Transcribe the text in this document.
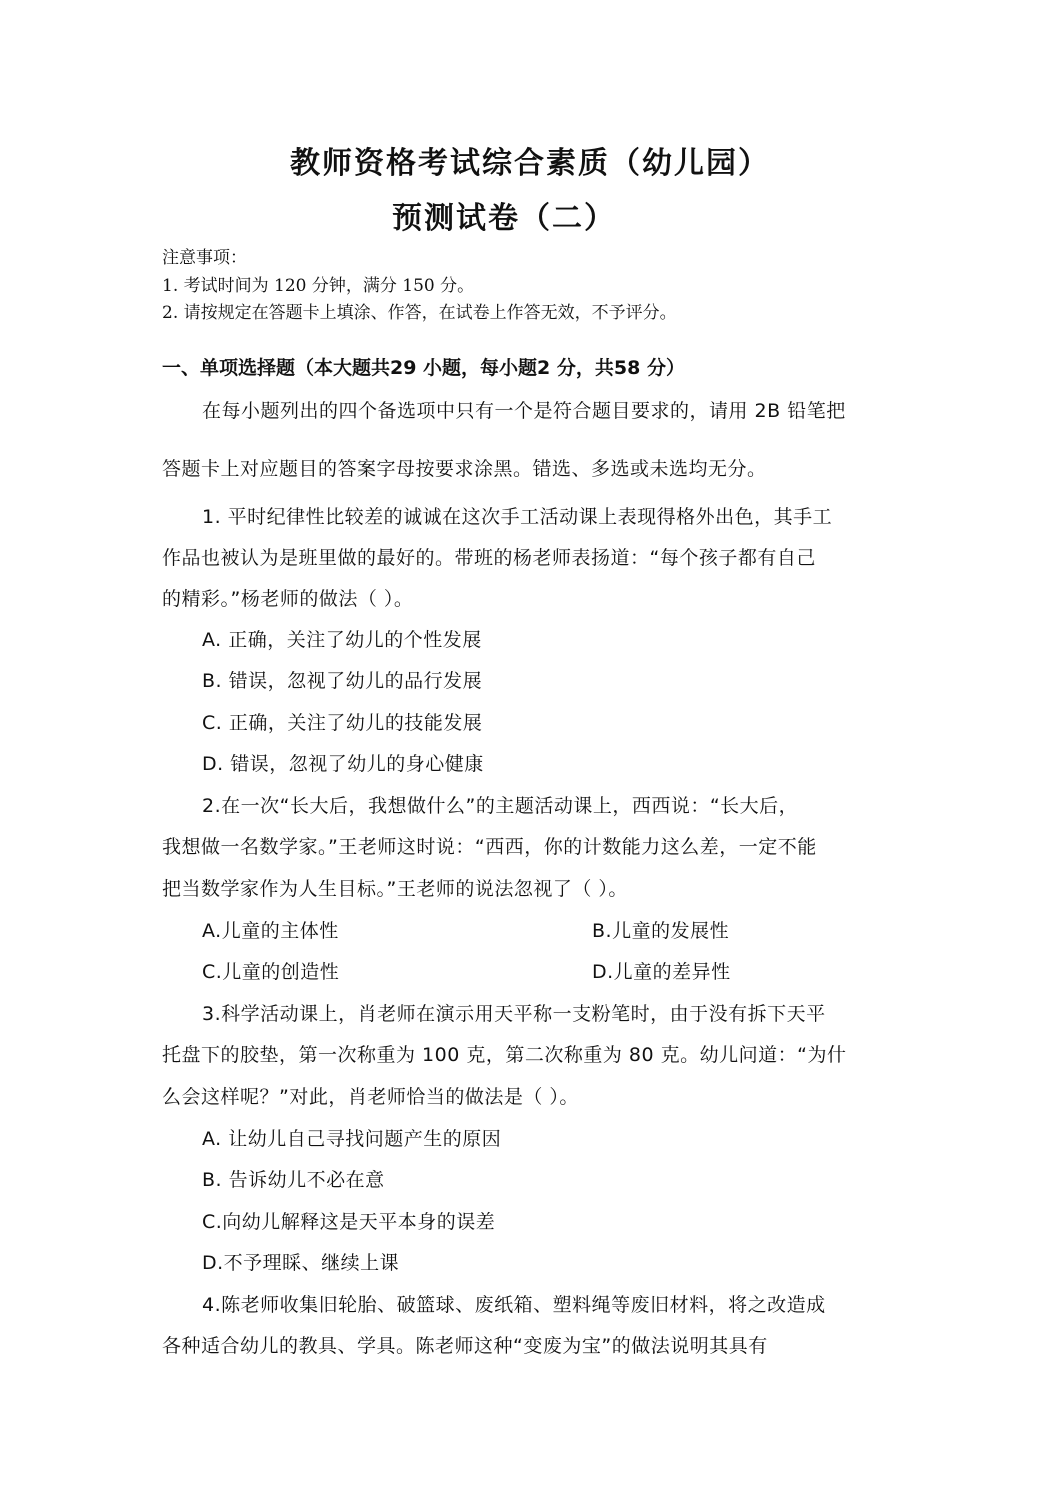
教师资格考试综合素质（幼儿园）
预测试卷（二）
注意事项：
1. 考试时间为 120 分钟，满分 150 分。
2. 请按规定在答题卡上填涂、作答，在试卷上作答无效，不予评分。
一、单项选择题（本大题共29 小题，每小题2 分，共58 分）
在每小题列出的四个备选项中只有一个是符合题目要求的，请用 2B 铅笔把
答题卡上对应题目的答案字母按要求涂黑。错选、多选或未选均无分。
1. 平时纪律性比较差的诚诚在这次手工活动课上表现得格外出色，其手工
作品也被认为是班里做的最好的。带班的杨老师表扬道：“每个孩子都有自己
的精彩。”杨老师的做法（ ）。
A. 正确，关注了幼儿的个性发展
B. 错误，忽视了幼儿的品行发展
C. 正确，关注了幼儿的技能发展
D. 错误，忽视了幼儿的身心健康
2.在一次“长大后，我想做什么”的主题活动课上，西西说：“长大后，
我想做一名数学家。”王老师这时说：“西西，你的计数能力这么差，一定不能
把当数学家作为人生目标。”王老师的说法忽视了（ ）。
A.儿童的主体性	B.儿童的发展性
C.儿童的创造性	D.儿童的差异性
3.科学活动课上，肖老师在演示用天平称一支粉笔时，由于没有拆下天平
托盘下的胶垫，第一次称重为 100 克，第二次称重为 80 克。幼儿问道：“为什
么会这样呢？”对此，肖老师恰当的做法是（ ）。
A. 让幼儿自己寻找问题产生的原因
B. 告诉幼儿不必在意
C.向幼儿解释这是天平本身的误差
D.不予理睬、继续上课
4.陈老师收集旧轮胎、破篮球、废纸箱、塑料绳等废旧材料，将之改造成
各种适合幼儿的教具、学具。陈老师这种“变废为宝”的做法说明其具有
